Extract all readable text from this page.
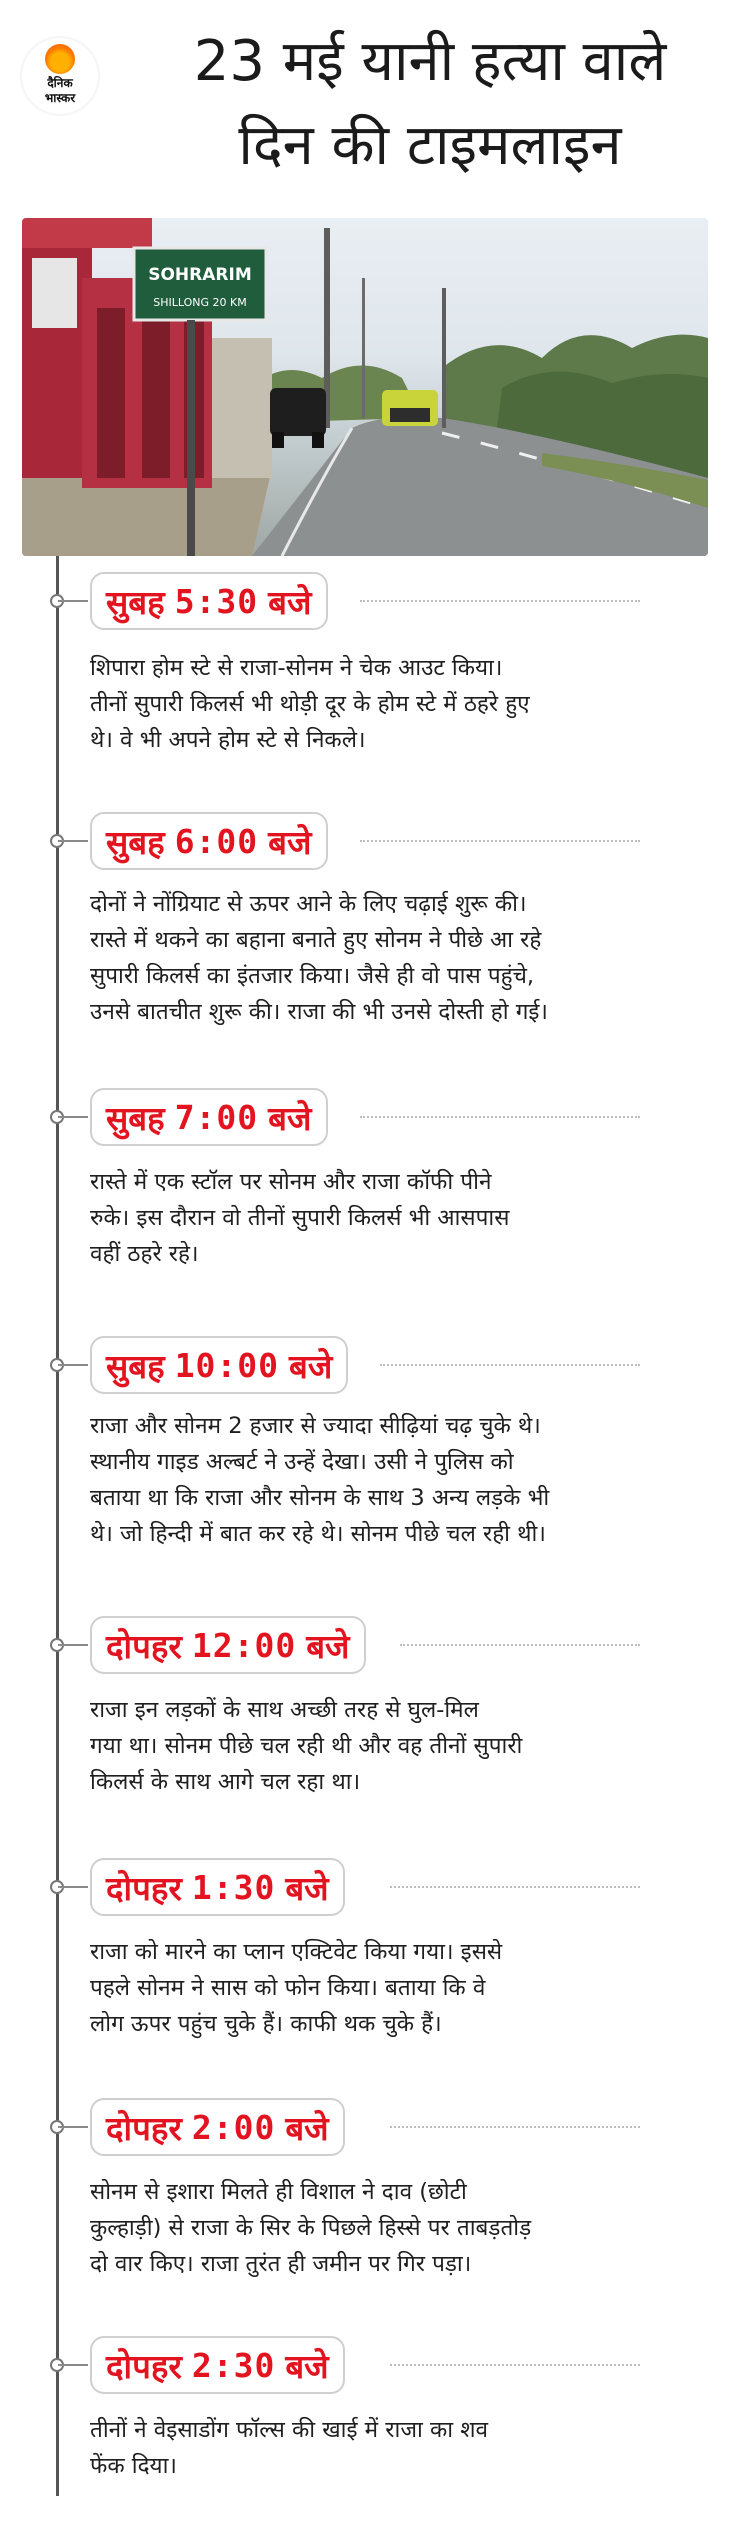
दैनिक
भास्कर
23 मई यानी हत्या वाले
दिन की टाइमलाइन
SOHRARIM
SHILLONG 20 KM
सुबह 5:30 बजे
शिपारा होम स्टे से राजा-सोनम ने चेक आउट किया।
तीनों सुपारी किलर्स भी थोड़ी दूर के होम स्टे में ठहरे हुए
थे। वे भी अपने होम स्टे से निकले।
सुबह 6:00 बजे
दोनों ने नोंग्रियाट से ऊपर आने के लिए चढ़ाई शुरू की।
रास्ते में थकने का बहाना बनाते हुए सोनम ने पीछे आ रहे
सुपारी किलर्स का इंतजार किया। जैसे ही वो पास पहुंचे,
उनसे बातचीत शुरू की। राजा की भी उनसे दोस्ती हो गई।
सुबह 7:00 बजे
रास्ते में एक स्टॉल पर सोनम और राजा कॉफी पीने
रुके। इस दौरान वो तीनों सुपारी किलर्स भी आसपास
वहीं ठहरे रहे।
सुबह 10:00 बजे
राजा और सोनम 2 हजार से ज्यादा सीढ़ियां चढ़ चुके थे।
स्थानीय गाइड अल्बर्ट ने उन्हें देखा। उसी ने पुलिस को
बताया था कि राजा और सोनम के साथ 3 अन्य लड़के भी
थे। जो हिन्दी में बात कर रहे थे। सोनम पीछे चल रही थी।
दोपहर 12:00 बजे
राजा इन लड़कों के साथ अच्छी तरह से घुल-मिल
गया था। सोनम पीछे चल रही थी और वह तीनों सुपारी
किलर्स के साथ आगे चल रहा था।
दोपहर 1:30 बजे
राजा को मारने का प्लान एक्टिवेट किया गया। इससे
पहले सोनम ने सास को फोन किया। बताया कि वे
लोग ऊपर पहुंच चुके हैं। काफी थक चुके हैं।
दोपहर 2:00 बजे
सोनम से इशारा मिलते ही विशाल ने दाव (छोटी
कुल्हाड़ी) से राजा के सिर के पिछले हिस्से पर ताबड़तोड़
दो वार किए। राजा तुरंत ही जमीन पर गिर पड़ा।
दोपहर 2:30 बजे
तीनों ने वेइसाडोंग फॉल्स की खाई में राजा का शव
फेंक दिया।
